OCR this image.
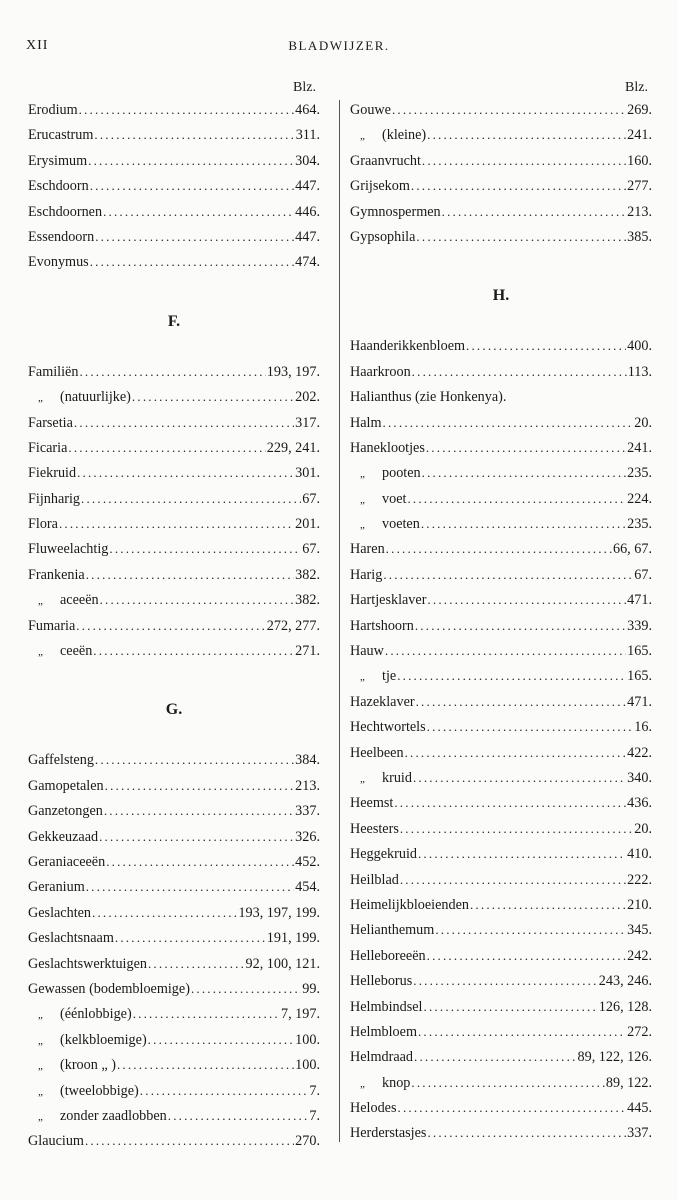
XII	BLADWIJZER.
Blz.
Erodium .....	464.
Erucastrum .....	311.
Erysimum .....	304.
Eschdoorn .....	447.
Eschdoornen .....	446.
Essendoorn .....	447.
Evonymus .....	474.
F.
Familiën .....	193, 197.
„ (natuurlijke) .....	202.
Farsetia .....	317.
Ficaria .....	229, 241.
Fiekruid .....	301.
Fijnharig .....	67.
Flora .....	201.
Fluweelachtig .....	67.
Frankenia .....	382.
„ aceeën .....	382.
Fumaria .....	272, 277.
„ ceeën .....	271.
G.
Gaffelsteng .....	384.
Gamopetalen .....	213.
Ganzetongen .....	337.
Gekkeuzaad .....	326.
Geraniaceeën .....	452.
Geranium .....	454.
Geslachten .....	193, 197, 199.
Geslachtsnaam .....	191, 199.
Geslachtswerktuigen .....	92, 100, 121.
Gewassen (bodembloemige) .....	99.
„ (éénlobbige) .....	7, 197.
„ (kelkbloemige) .....	100.
„ (kroon „ ) .....	100.
„ (tweelobbige) .....	7.
„ zonder zaadlobben .....	7.
Glaucium .....	270.
Blz.
Gouwe .....	269.
„ (kleine) .....	241.
Graanvrucht .....	160.
Grijsekom .....	277.
Gymnospermen .....	213.
Gypsophila .....	385.
H.
Haanderikkenbloem .....	400.
Haarkroon .....	113.
Halianthus (zie Honkenya).
Halm .....	20.
Haneklootjes .....	241.
„ pooten .....	235.
„ voet .....	224.
„ voeten .....	235.
Haren .....	66, 67.
Harig .....	67.
Hartjesklaver .....	471.
Hartshoorn .....	339.
Hauw .....	165.
„ tje .....	165.
Hazeklaver .....	471.
Hechtwortels .....	16.
Heelbeen .....	422.
„ kruid .....	340.
Heemst .....	436.
Heesters .....	20.
Heggekruid .....	410.
Heilblad .....	222.
Heimelijkbloeienden .....	210.
Helianthemum .....	345.
Helleboreeën .....	242.
Helleborus .....	243, 246.
Helmbindsel .....	126, 128.
Helmbloem .....	272.
Helmdraad .....	89, 122, 126.
„ knop .....	89, 122.
Helodes .....	445.
Herderstasjes .....	337.
